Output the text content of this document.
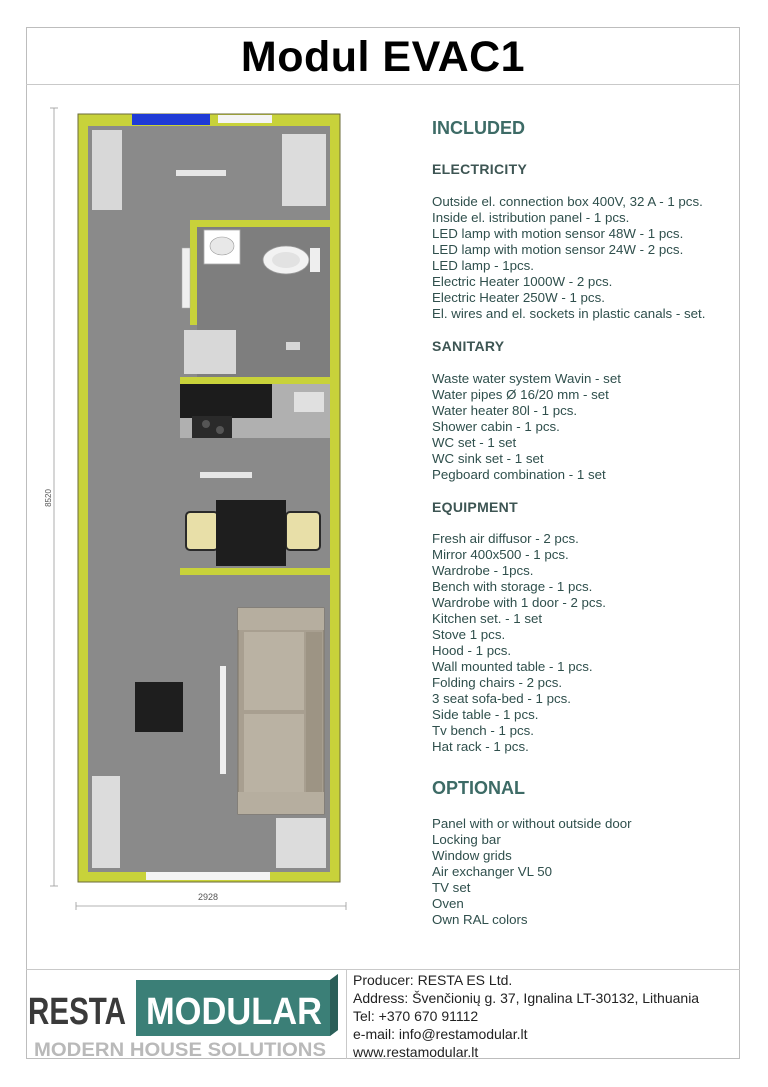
Modul EVAC1
8520
2928
INCLUDED
ELECTRICITY
Outside el. connection box 400V, 32 A - 1 pcs.
Inside el. istribution panel - 1 pcs.
LED lamp with motion sensor 48W - 1 pcs.
LED lamp with motion sensor 24W - 2 pcs.
LED lamp - 1pcs.
Electric Heater 1000W - 2 pcs.
Electric Heater 250W - 1 pcs.
El. wires and el. sockets in plastic canals - set.
SANITARY
Waste water system Wavin - set
Water pipes Ø 16/20 mm - set
Water heater 80l - 1 pcs.
Shower cabin - 1 pcs.
WC set - 1 set
WC sink set - 1 set
Pegboard combination - 1 set
EQUIPMENT
Fresh air diffusor - 2 pcs.
Mirror 400x500 - 1 pcs.
Wardrobe - 1pcs.
Bench with storage - 1 pcs.
Wardrobe with 1 door - 2 pcs.
Kitchen set. - 1 set
Stove 1 pcs.
Hood - 1 pcs.
Wall mounted table - 1 pcs.
Folding chairs - 2 pcs.
3 seat sofa-bed - 1 pcs.
Side table - 1 pcs.
Tv bench - 1 pcs.
Hat rack - 1 pcs.
OPTIONAL
Panel with or without outside door
Locking bar
Window grids
Air exchanger VL 50
TV set
Oven
Own RAL colors
RESTA MODULAR
MODERN HOUSE SOLUTIONS
Producer: RESTA ES Ltd.
Address: Švenčionių g. 37, Ignalina LT-30132, Lithuania
Tel: +370 670 91112
e-mail: info@restamodular.lt
www.restamodular.lt
